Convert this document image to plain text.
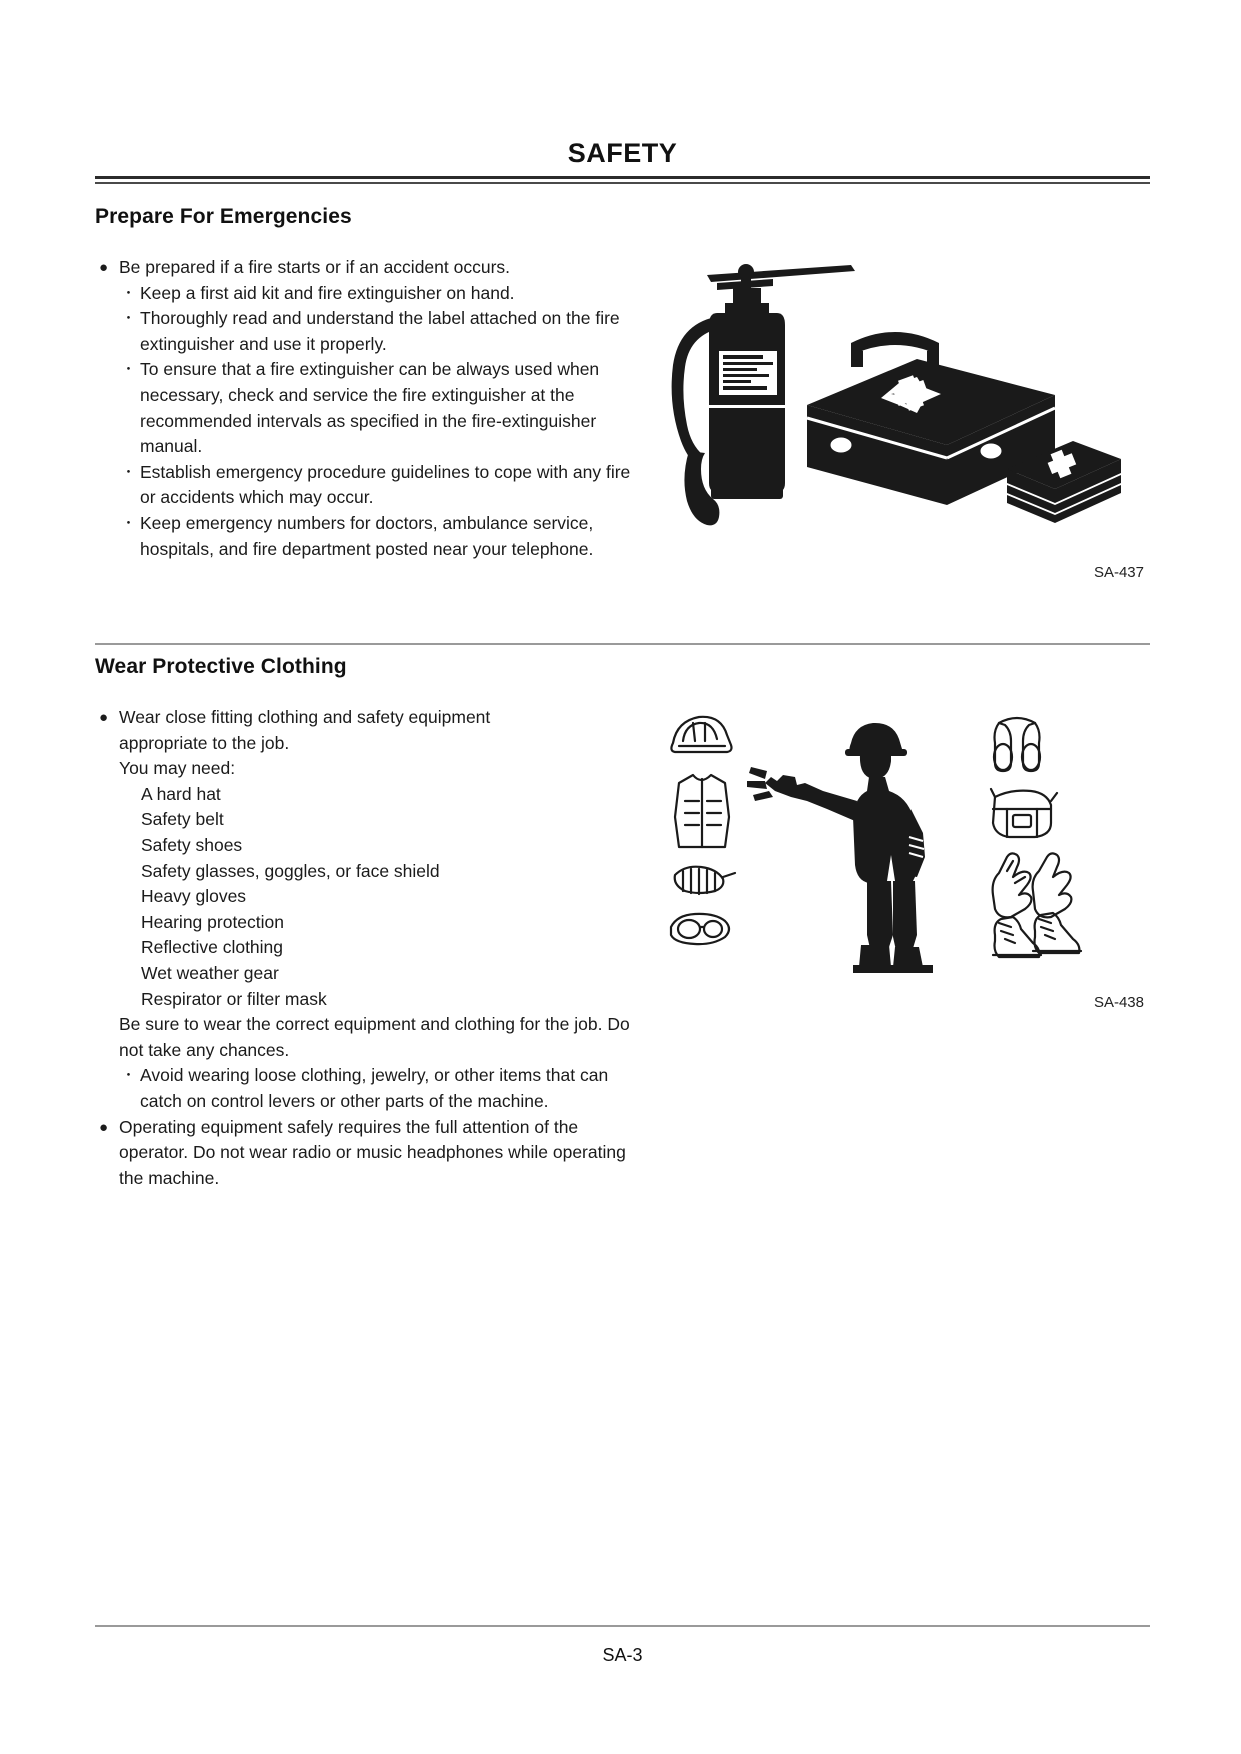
SAFETY
Prepare For Emergencies
● Be prepared if a fire starts or if an accident occurs.
・ Keep a first aid kit and fire extinguisher on hand.
・ Thoroughly read and understand the label attached on the fire extinguisher and use it properly.
・ To ensure that a fire extinguisher can be always used when necessary, check and service the fire extinguisher at the recommended intervals as specified in the fire-extinguisher manual.
・ Establish emergency procedure guidelines to cope with any fire or accidents which may occur.
・ Keep emergency numbers for doctors, ambulance service, hospitals, and fire department posted near your telephone.
SA-437
Wear Protective Clothing
● Wear close fitting clothing and safety equipment
appropriate to the job.
You may need:
A hard hat
Safety belt
Safety shoes
Safety glasses, goggles, or face shield
Heavy gloves
Hearing protection
Reflective clothing
Wet weather gear
Respirator or filter mask
Be sure to wear the correct equipment and clothing for the job. Do not take any chances.
・ Avoid wearing loose clothing, jewelry, or other items that can catch on control levers or other parts of the machine.
● Operating equipment safely requires the full attention of the operator. Do not wear radio or music headphones while operating the machine.
SA-438
SA-3
